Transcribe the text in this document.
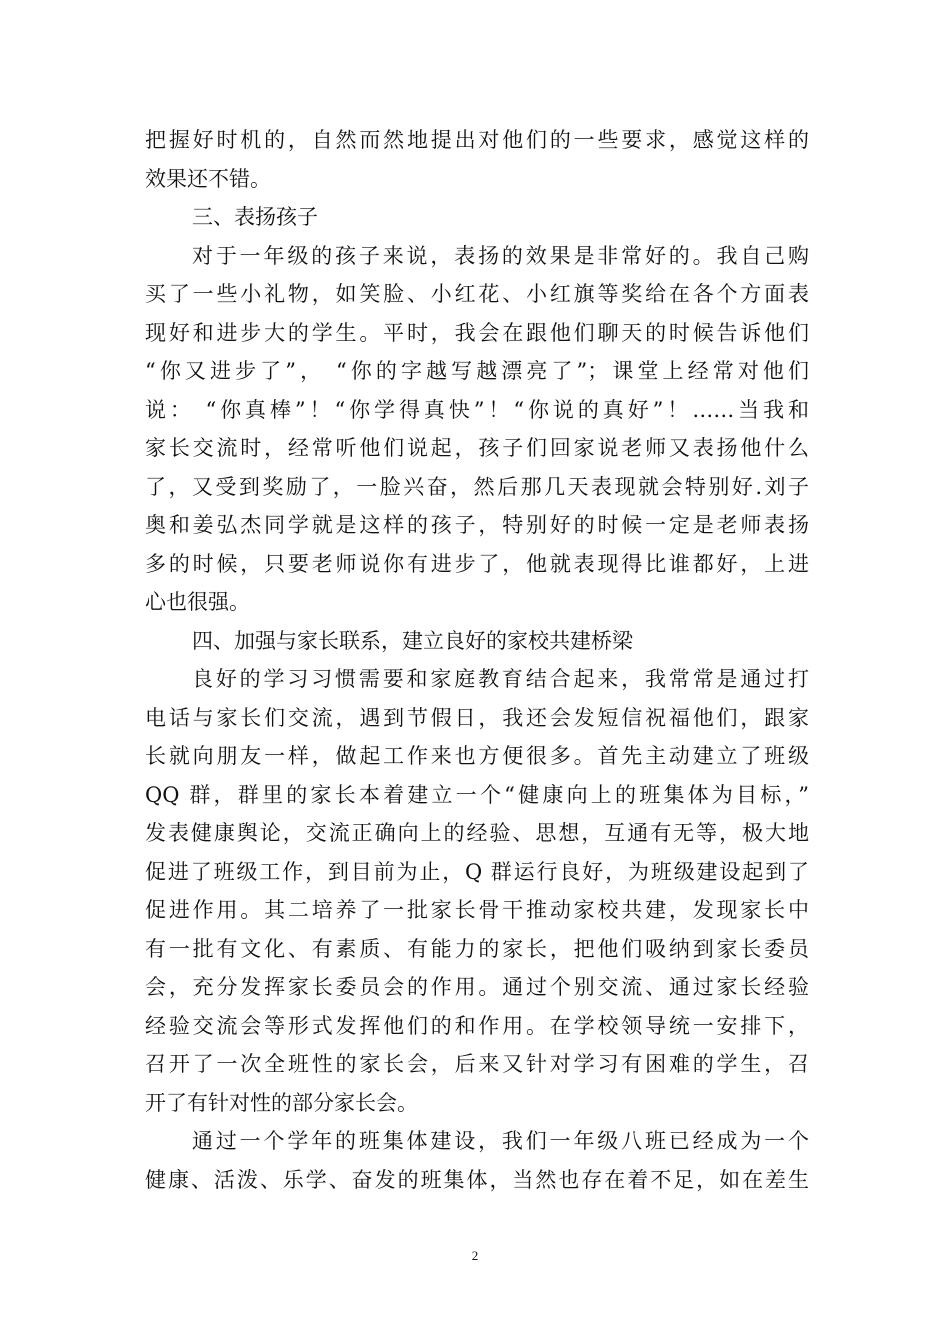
把握好时机的，自然而然地提出对他们的一些要求，感觉这样的
效果还不错。
三、表扬孩子
对于一年级的孩子来说，表扬的效果是非常好的。我自己购
买了一些小礼物，如笑脸、小红花、小红旗等奖给在各个方面表
现好和进步大的学生。平时，我会在跟他们聊天的时候告诉他们
“你又进步了”， “你的字越写越漂亮了”；课堂上经常对他们
说： “你真棒”！“你学得真快”！“你说的真好”！……当我和
家长交流时，经常听他们说起，孩子们回家说老师又表扬他什么
了，又受到奖励了，一脸兴奋，然后那几天表现就会特别好.刘子
奥和姜弘杰同学就是这样的孩子，特别好的时候一定是老师表扬
多的时候，只要老师说你有进步了，他就表现得比谁都好，上进
心也很强。
四、加强与家长联系，建立良好的家校共建桥梁
良好的学习习惯需要和家庭教育结合起来，我常常是通过打
电话与家长们交流，遇到节假日，我还会发短信祝福他们，跟家
长就向朋友一样，做起工作来也方便很多。首先主动建立了班级
QQ 群，群里的家长本着建立一个“健康向上的班集体为目标，”
发表健康舆论，交流正确向上的经验、思想，互通有无等，极大地
促进了班级工作，到目前为止，Q 群运行良好，为班级建设起到了
促进作用。其二培养了一批家长骨干推动家校共建，发现家长中
有一批有文化、有素质、有能力的家长，把他们吸纳到家长委员
会，充分发挥家长委员会的作用。通过个别交流、通过家长经验
经验交流会等形式发挥他们的和作用。在学校领导统一安排下，
召开了一次全班性的家长会，后来又针对学习有困难的学生，召
开了有针对性的部分家长会。
通过一个学年的班集体建设，我们一年级八班已经成为一个
健康、活泼、乐学、奋发的班集体，当然也存在着不足，如在差生
2
